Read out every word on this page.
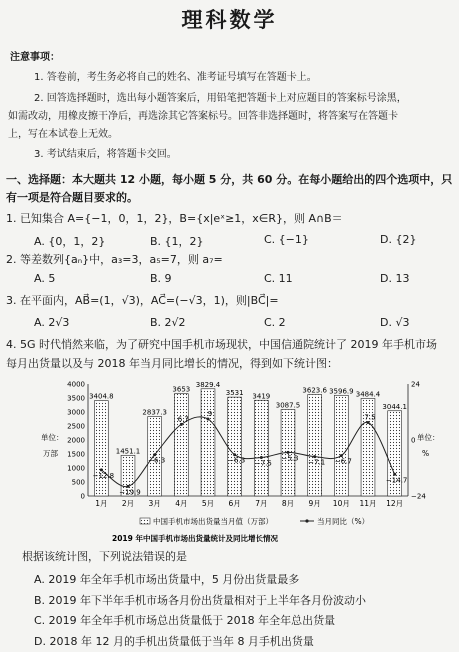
理科数学
注意事项：
1. 答卷前，考生务必将自己的姓名、准考证号填写在答题卡上。
2. 回答选择题时，选出每小题答案后，用铅笔把答题卡上对应题目的答案标号涂黑，
如需改动，用橡皮擦干净后，再选涂其它答案标号。回答非选择题时，将答案写在答题卡
上，写在本试卷上无效。
3. 考试结束后，将答题卡交回。
一、选择题：本大题共 12 小题，每小题 5 分，共 60 分。在每小题给出的四个选项中，只
有一项是符合题目要求的。
1. 已知集合 A={−1，0，1，2}，B={x|eˣ≥1，x∈R}，则 A∩B＝
A. {0，1，2}	B. {1，2}	C. {−1}	D. {2}
2. 等差数列{aₙ}中，a₃=3，a₅=7，则 a₇=
A. 5	B. 9	C. 11	D. 13
3. 在平面内，AB⃗=(1，√3)，AC⃗=(−√3，1)，则|BC⃗|=
A. 2√3	B. 2√2	C. 2	D. √3
4. 5G 时代悄然来临，为了研究中国手机市场现状，中国信通院统计了 2019 年手机市场
每月出货量以及与 2018 年当月同比增长的情况，得到如下统计图：
3404.8
1451.1
2837.3
3653
3829.4
3531 3419
3087.5
3623.6 3596.9 3484.4
3044.1
−12.8
−19.9
−6.3
6.7
9
−6.3 −7.5
−5.3
−7.1 −6.7
7.5
−14.7
0
500
1000
1500
2000
2500
3000
3500
4000
−24
0
24
1月 2月 3月 4月 5月 6月 7月 8月 9月 10月 11月 12月
中国手机市场出货量当月值（万部）	当月同比（%）
2019 年中国手机市场出货量统计及同比增长情况
单位：
万部
单位：
%
根据该统计图，下列说法错误的是
A. 2019 年全年手机市场出货量中，5 月份出货量最多
B. 2019 年下半年手机市场各月份出货量相对于上半年各月份波动小
C. 2019 年全年手机市场总出货量低于 2018 年全年总出货量
D. 2018 年 12 月的手机出货量低于当年 8 月手机出货量
